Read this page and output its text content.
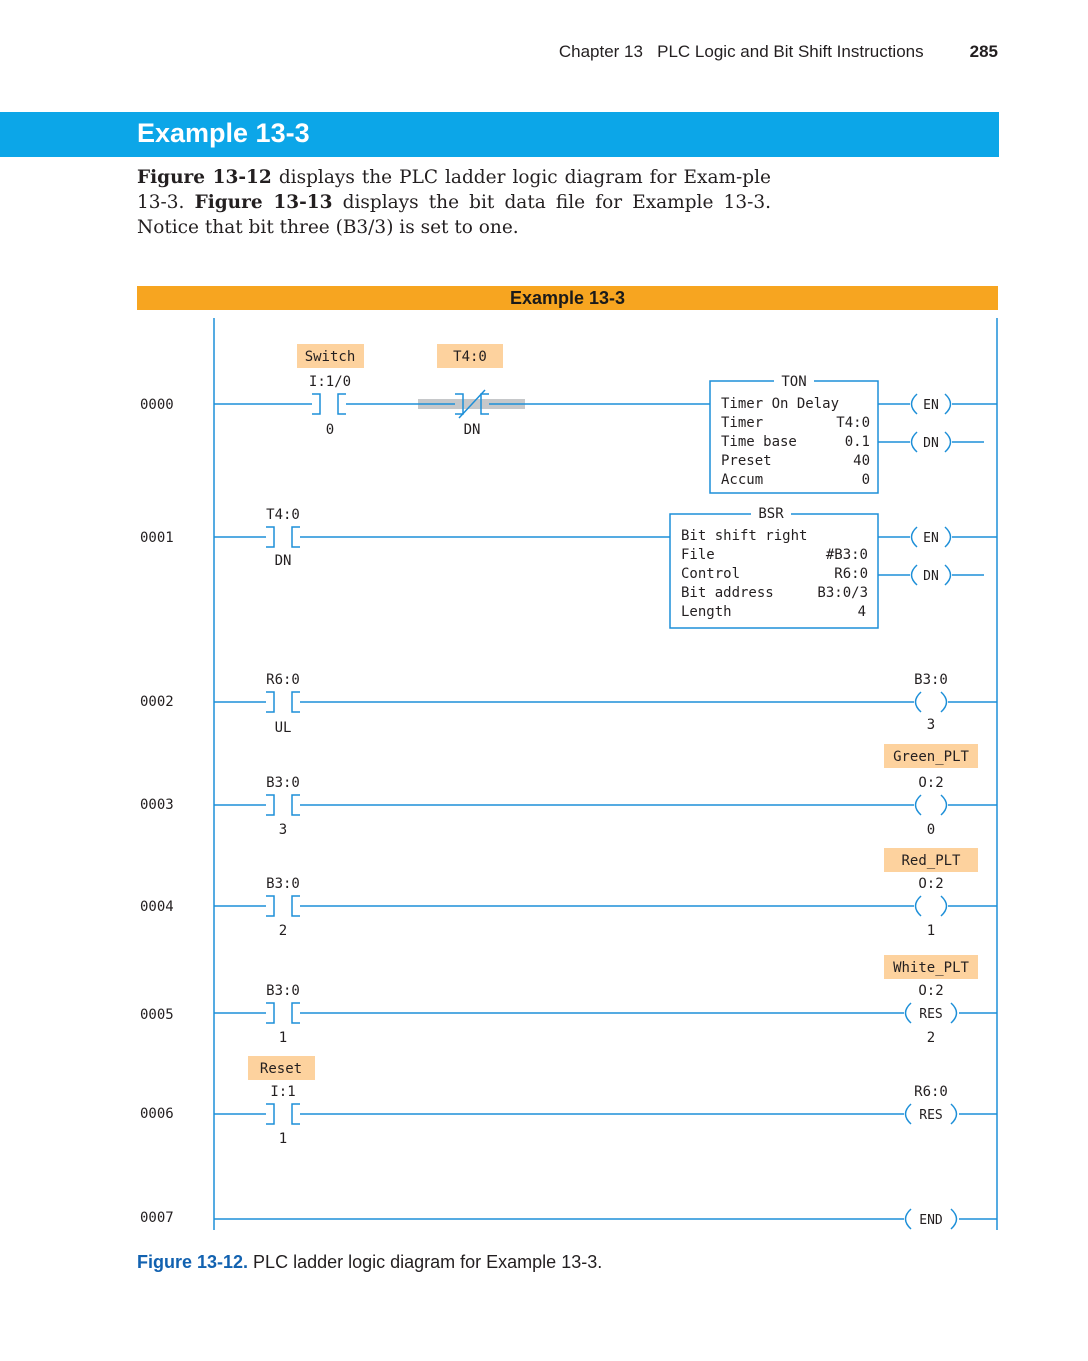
Chapter 13 PLC Logic and Bit Shift Instructions	285
Example 13-3

Figure 13-12 displays the PLC ladder logic diagram for Exam-ple 13-3. Figure 13-13 displays the bit data file for Example 13-3. Notice that bit three (B3/3) is set to one.

Example 13-3
0000
0001
0002
0003
0004
0005
0006
0007
Switch
I:1/0
0
T4:0
DN
TON
Timer On Delay
Timer	T4:0
Time base	0.1
Preset	40
Accum	0
EN
DN
T4:0
DN
BSR
Bit shift right
File	#B3:0
Control	R6:0
Bit address	B3:0/3
Length	4
EN
DN
R6:0
UL
B3:0
3
B3:0
3
Green_PLT
O:2
0
B3:0
2
Red_PLT
O:2
1
B3:0
1
White_PLT
O:2
RES
2
Reset
I:1
1
R6:0
RES
END
Figure 13-12. PLC ladder logic diagram for Example 13-3.
